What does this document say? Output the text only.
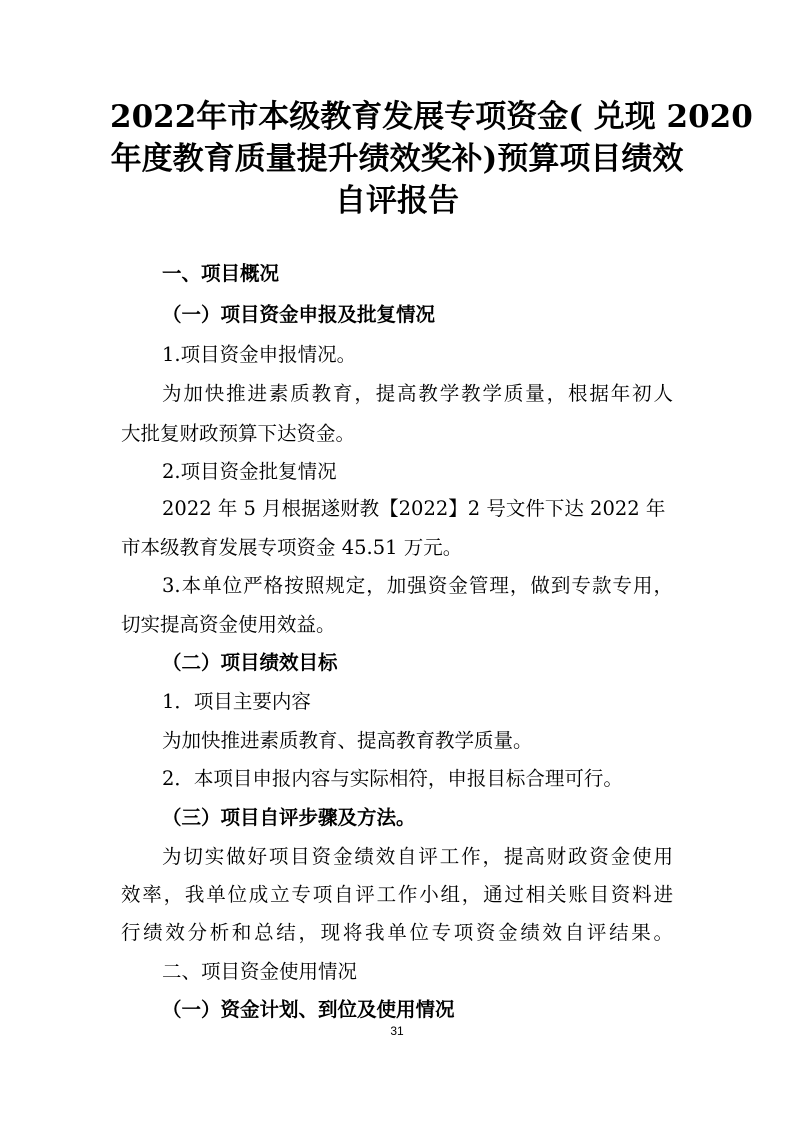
2022年市本级教育发展专项资金( 兑现 2020
年度教育质量提升绩效奖补)预算项目绩效
自评报告
一、项目概况
（一）项目资金申报及批复情况
1.项目资金申报情况。
为加快推进素质教育，提高教学教学质量，根据年初人
大批复财政预算下达资金。
2.项目资金批复情况
2022 年 5 月根据遂财教【2022】2 号文件下达 2022 年
市本级教育发展专项资金 45.51 万元。
3.本单位严格按照规定，加强资金管理，做到专款专用，
切实提高资金使用效益。
（二）项目绩效目标
1．项目主要内容
为加快推进素质教育、提高教育教学质量。
2．本项目申报内容与实际相符，申报目标合理可行。
（三）项目自评步骤及方法。
为切实做好项目资金绩效自评工作，提高财政资金使用
效率，我单位成立专项自评工作小组，通过相关账目资料进
行绩效分析和总结，现将我单位专项资金绩效自评结果。
二、项目资金使用情况
（一）资金计划、到位及使用情况
31
